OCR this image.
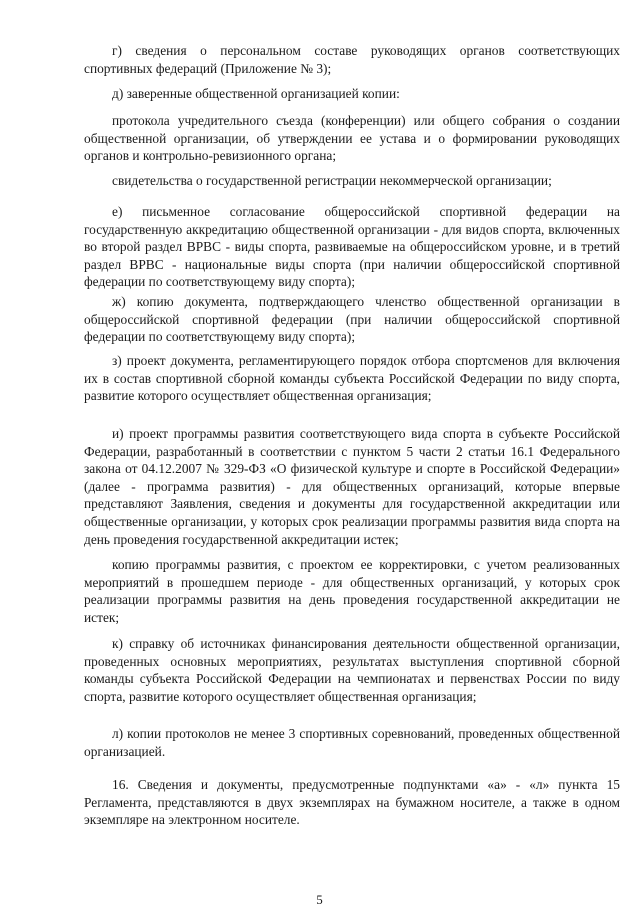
г) сведения о персональном составе руководящих органов соответствующих спортивных федераций (Приложение № 3);

д) заверенные общественной организацией копии:

протокола учредительного съезда (конференции) или общего собрания о создании общественной организации, об утверждении ее устава и о формировании руководящих органов и контрольно-ревизионного органа;

свидетельства о государственной регистрации некоммерческой организации;

е) письменное согласование общероссийской спортивной федерации на государственную аккредитацию общественной организации - для видов спорта, включенных во второй раздел ВРВС - виды спорта, развиваемые на общероссийском уровне, и в третий раздел ВРВС - национальные виды спорта (при наличии общероссийской спортивной федерации по соответствующему виду спорта);

ж) копию документа, подтверждающего членство общественной организации в общероссийской спортивной федерации (при наличии общероссийской спортивной федерации по соответствующему виду спорта);

з) проект документа, регламентирующего порядок отбора спортсменов для включения их в состав спортивной сборной команды субъекта Российской Федерации по виду спорта, развитие которого осуществляет общественная организация;

и) проект программы развития соответствующего вида спорта в субъекте Российской Федерации, разработанный в соответствии с пунктом 5 части 2 статьи 16.1 Федерального закона от 04.12.2007 № 329-ФЗ «О физической культуре и спорте в Российской Федерации» (далее - программа развития) - для общественных организаций, которые впервые представляют Заявления, сведения и документы для государственной аккредитации или общественные организации, у которых срок реализации программы развития вида спорта на день проведения государственной аккредитации истек;

копию программы развития, с проектом ее корректировки, с учетом реализованных мероприятий в прошедшем периоде - для общественных организаций, у которых срок реализации программы развития на день проведения государственной аккредитации не истек;

к) справку об источниках финансирования деятельности общественной организации, проведенных основных мероприятиях, результатах выступления спортивной сборной команды субъекта Российской Федерации на чемпионатах и первенствах России по виду спорта, развитие которого осуществляет общественная организация;

л) копии протоколов не менее 3 спортивных соревнований, проведенных общественной организацией.

16. Сведения и документы, предусмотренные подпунктами «а» - «л» пункта 15 Регламента, представляются в двух экземплярах на бумажном носителе, а также в одном экземпляре на электронном носителе.

5
